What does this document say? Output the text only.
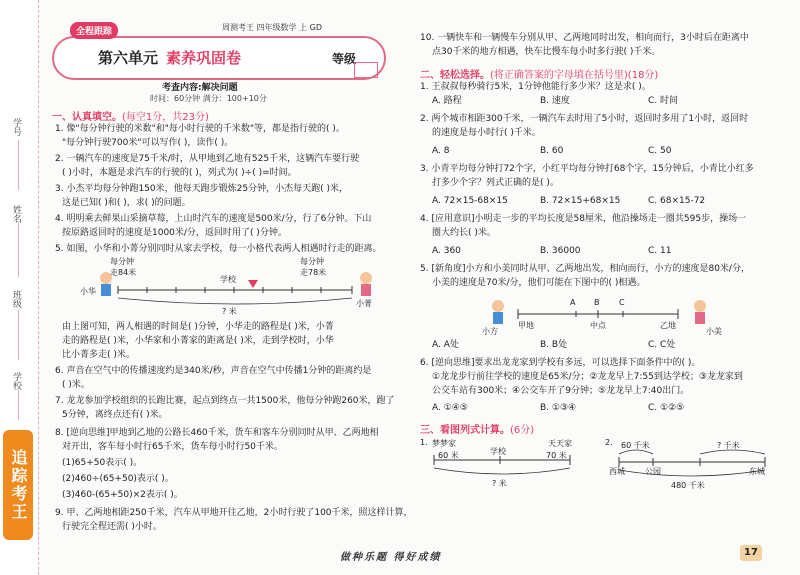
学号
姓名
班级
学校
追踪考王
全程跟踪	周测考王 四年级数学 上 GD
第六单元 素养巩固卷	等级
考查内容:解决问题
时间：60分钟 满分：100+10分
一、认真填空。(每空1分，共23分)
1. 像"每分钟行驶的米数"和"每小时行驶的千米数"等，都是指行驶的( )。
"每分钟行驶700米"可以写作( )，读作( )。
2. 一辆汽车的速度是75千米/时，从甲地到乙地有525千米，这辆汽车要行驶
( )小时，本题是求汽车的行驶的( )，列式为( )÷( )=时间。
3. 小杰平均每分钟跑150米，他每天跑步锻炼25分钟，小杰每天跑( )米，
这是已知( )和( )，求( )的问题。
4. 明明乘去鲜果山采摘草莓，上山时汽车的速度是500米/分，行了6分钟。下山
按原路返回时的速度是1000米/分，返回时用了( )分钟。
5. 如图，小华和小菁分别同时从家去学校，每一小格代表两人相遇时行走的距离。
每分钟
走84米
每分钟
走78米
学校
小华
小菁
? 米
由上图可知，两人相遇的时间是( )分钟，小华走的路程是( )米，小菁
走的路程是( )米，小华家和小菁家的距离是( )米，走到学校时，小华
比小菁多走( )米。
6. 声音在空气中的传播速度约是340米/秒，声音在空气中传播1分钟的距离约是
( )米。
7. 龙龙参加学校组织的长跑比赛，起点到终点一共1500米，他每分钟跑260米，跑了
5分钟，离终点还有( )米。
8. [逆向思维]甲地到乙地的公路长460千米，货车和客车分别同时从甲、乙两地相
对开出，客车每小时行65千米，货车每小时行50千米。
(1)65+50表示( )。
(2)460÷(65+50)表示( )。
(3)460-(65+50)×2表示( )。
9. 甲、乙两地相距250千米，汽车从甲地开往乙地，2小时行驶了100千米，照这样计算，
行驶完全程还需( )小时。
10. 一辆快车和一辆慢车分别从甲、乙两地同时出发，相向而行，3小时后在距离中
点30千米的地方相遇，快车比慢车每小时多行驶( )千米。
二、轻松选择。(将正确答案的字母填在括号里)(18分)
1. 王叔叔每秒骑行5米，1分钟他能行多少米？这是求( )。
A. 路程	B. 速度	C. 时间
2. 两个城市相距300千米，一辆汽车去时用了5小时，返回时多用了1小时，返回时
的速度是每小时行( )千米。
A. 8	B. 60	C. 50
3. 小青平均每分钟打72个字，小红平均每分钟打68个字，15分钟后，小青比小红多
打多少个字？列式正确的是( )。
A. 72×15-68×15	B. 72×15+68×15	C. 68×15-72
4. [应用意识]小明走一步的平均长度是58厘米，他沿操场走一圈共595步，操场一
圈大约长( )米。
A. 360	B. 36000	C. 11
5. [新角度]小方和小美同时从甲、乙两地出发，相向而行，小方的速度是80米/分，
小美的速度是70米/分，他们可能在下图中的( )相遇。
A B C
中点
甲地	乙地
小方	小美
A. A处	B. B处	C. C处
6. [逆向思维]要求出龙龙家到学校有多远，可以选择下面条件中的( )。
①龙龙步行前往学校的速度是65米/分；②龙龙早上7:55到达学校；③龙龙家到
公交车站有300米；④公交车开了9分钟；⑤龙龙早上7:40出门。
A. ①④⑤	B. ①③④	C. ①②⑤
三、看图列式计算。(6分)
1. 梦梦家	天天家
60 米	70 米
学校
? 米
2. 60 千米	? 千米
西城	公园	东城
480 千米
做种乐题 得好成绩	17
